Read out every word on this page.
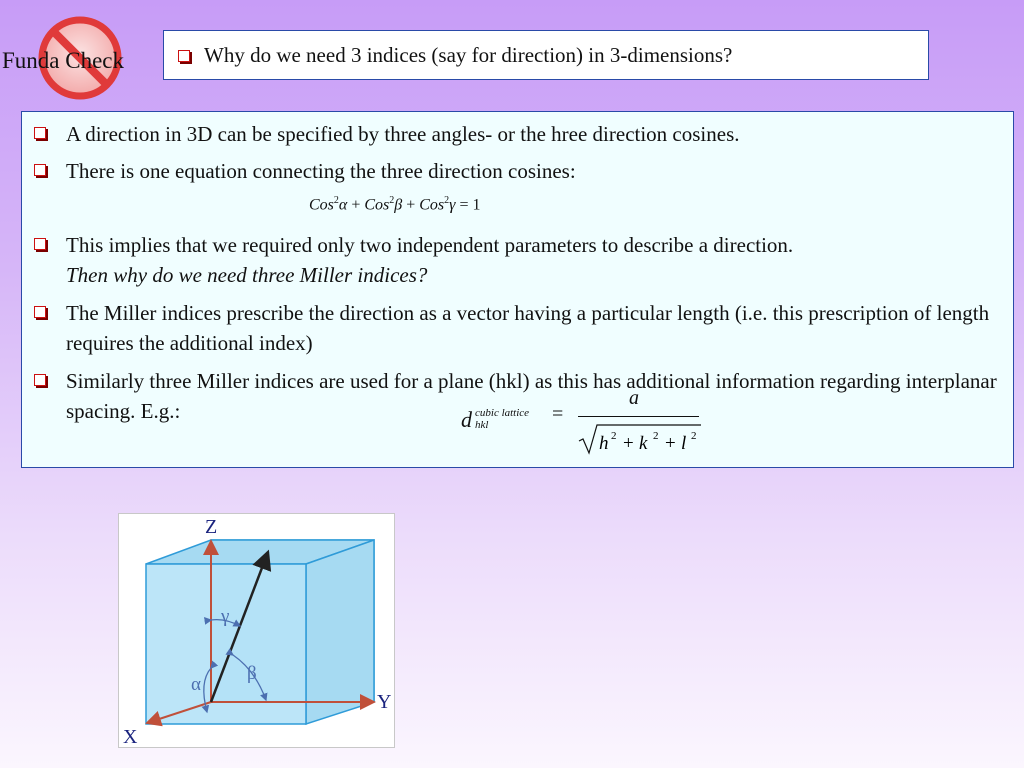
Funda Check	Why do we need 3 indices (say for direction) in 3-dimensions?
A direction in 3D can be specified by three angles- or the hree direction cosines.
There is one equation connecting the three direction cosines:
Cos$^2$α + Cos$^2$β + Cos$^2$γ = 1
This implies that we required only two independent parameters to describe a direction.
Then why do we need three Miller indices?
The Miller indices prescribe the direction as a vector having a particular length (i.e. this prescription of length requires the additional index)
Similarly three Miller indices are used for a plane (hkl) as this has additional information regarding interplanar spacing. E.g.:	d cubic lattice
hkl	=
a
h 2 + k 2 + l 2
Z
Y
X
γ
β
α
